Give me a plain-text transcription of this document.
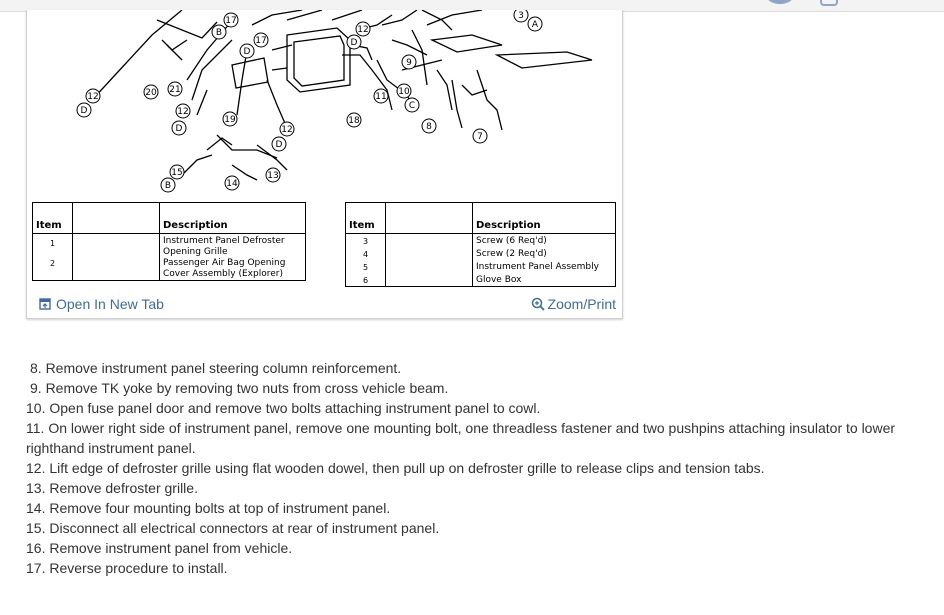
17
B
17
D
12
D
3
A
12
D
20 21
12
D
19
12
D
15
B	14
13
9
11 10
C
8
7
18
Item		Description
1		Instrument Panel Defroster Opening Grille
2		Passenger Air Bag Opening Cover Assembly (Explorer)
Item		Description
3		Screw (6 Req'd)
4		Screw (2 Req'd)
5		Instrument Panel Assembly
6		Glove Box
Open In New Tab	Zoom/Print

8. Remove instrument panel steering column reinforcement.

9. Remove TK yoke by removing two nuts from cross vehicle beam.

10. Open fuse panel door and remove two bolts attaching instrument panel to cowl.

11. On lower right side of instrument panel, remove one mounting bolt, one threadless fastener and two pushpins attaching insulator to lower righthand instrument panel.

12. Lift edge of defroster grille using flat wooden dowel, then pull up on defroster grille to release clips and tension tabs.

13. Remove defroster grille.

14. Remove four mounting bolts at top of instrument panel.

15. Disconnect all electrical connectors at rear of instrument panel.

16. Remove instrument panel from vehicle.

17. Reverse procedure to install.
